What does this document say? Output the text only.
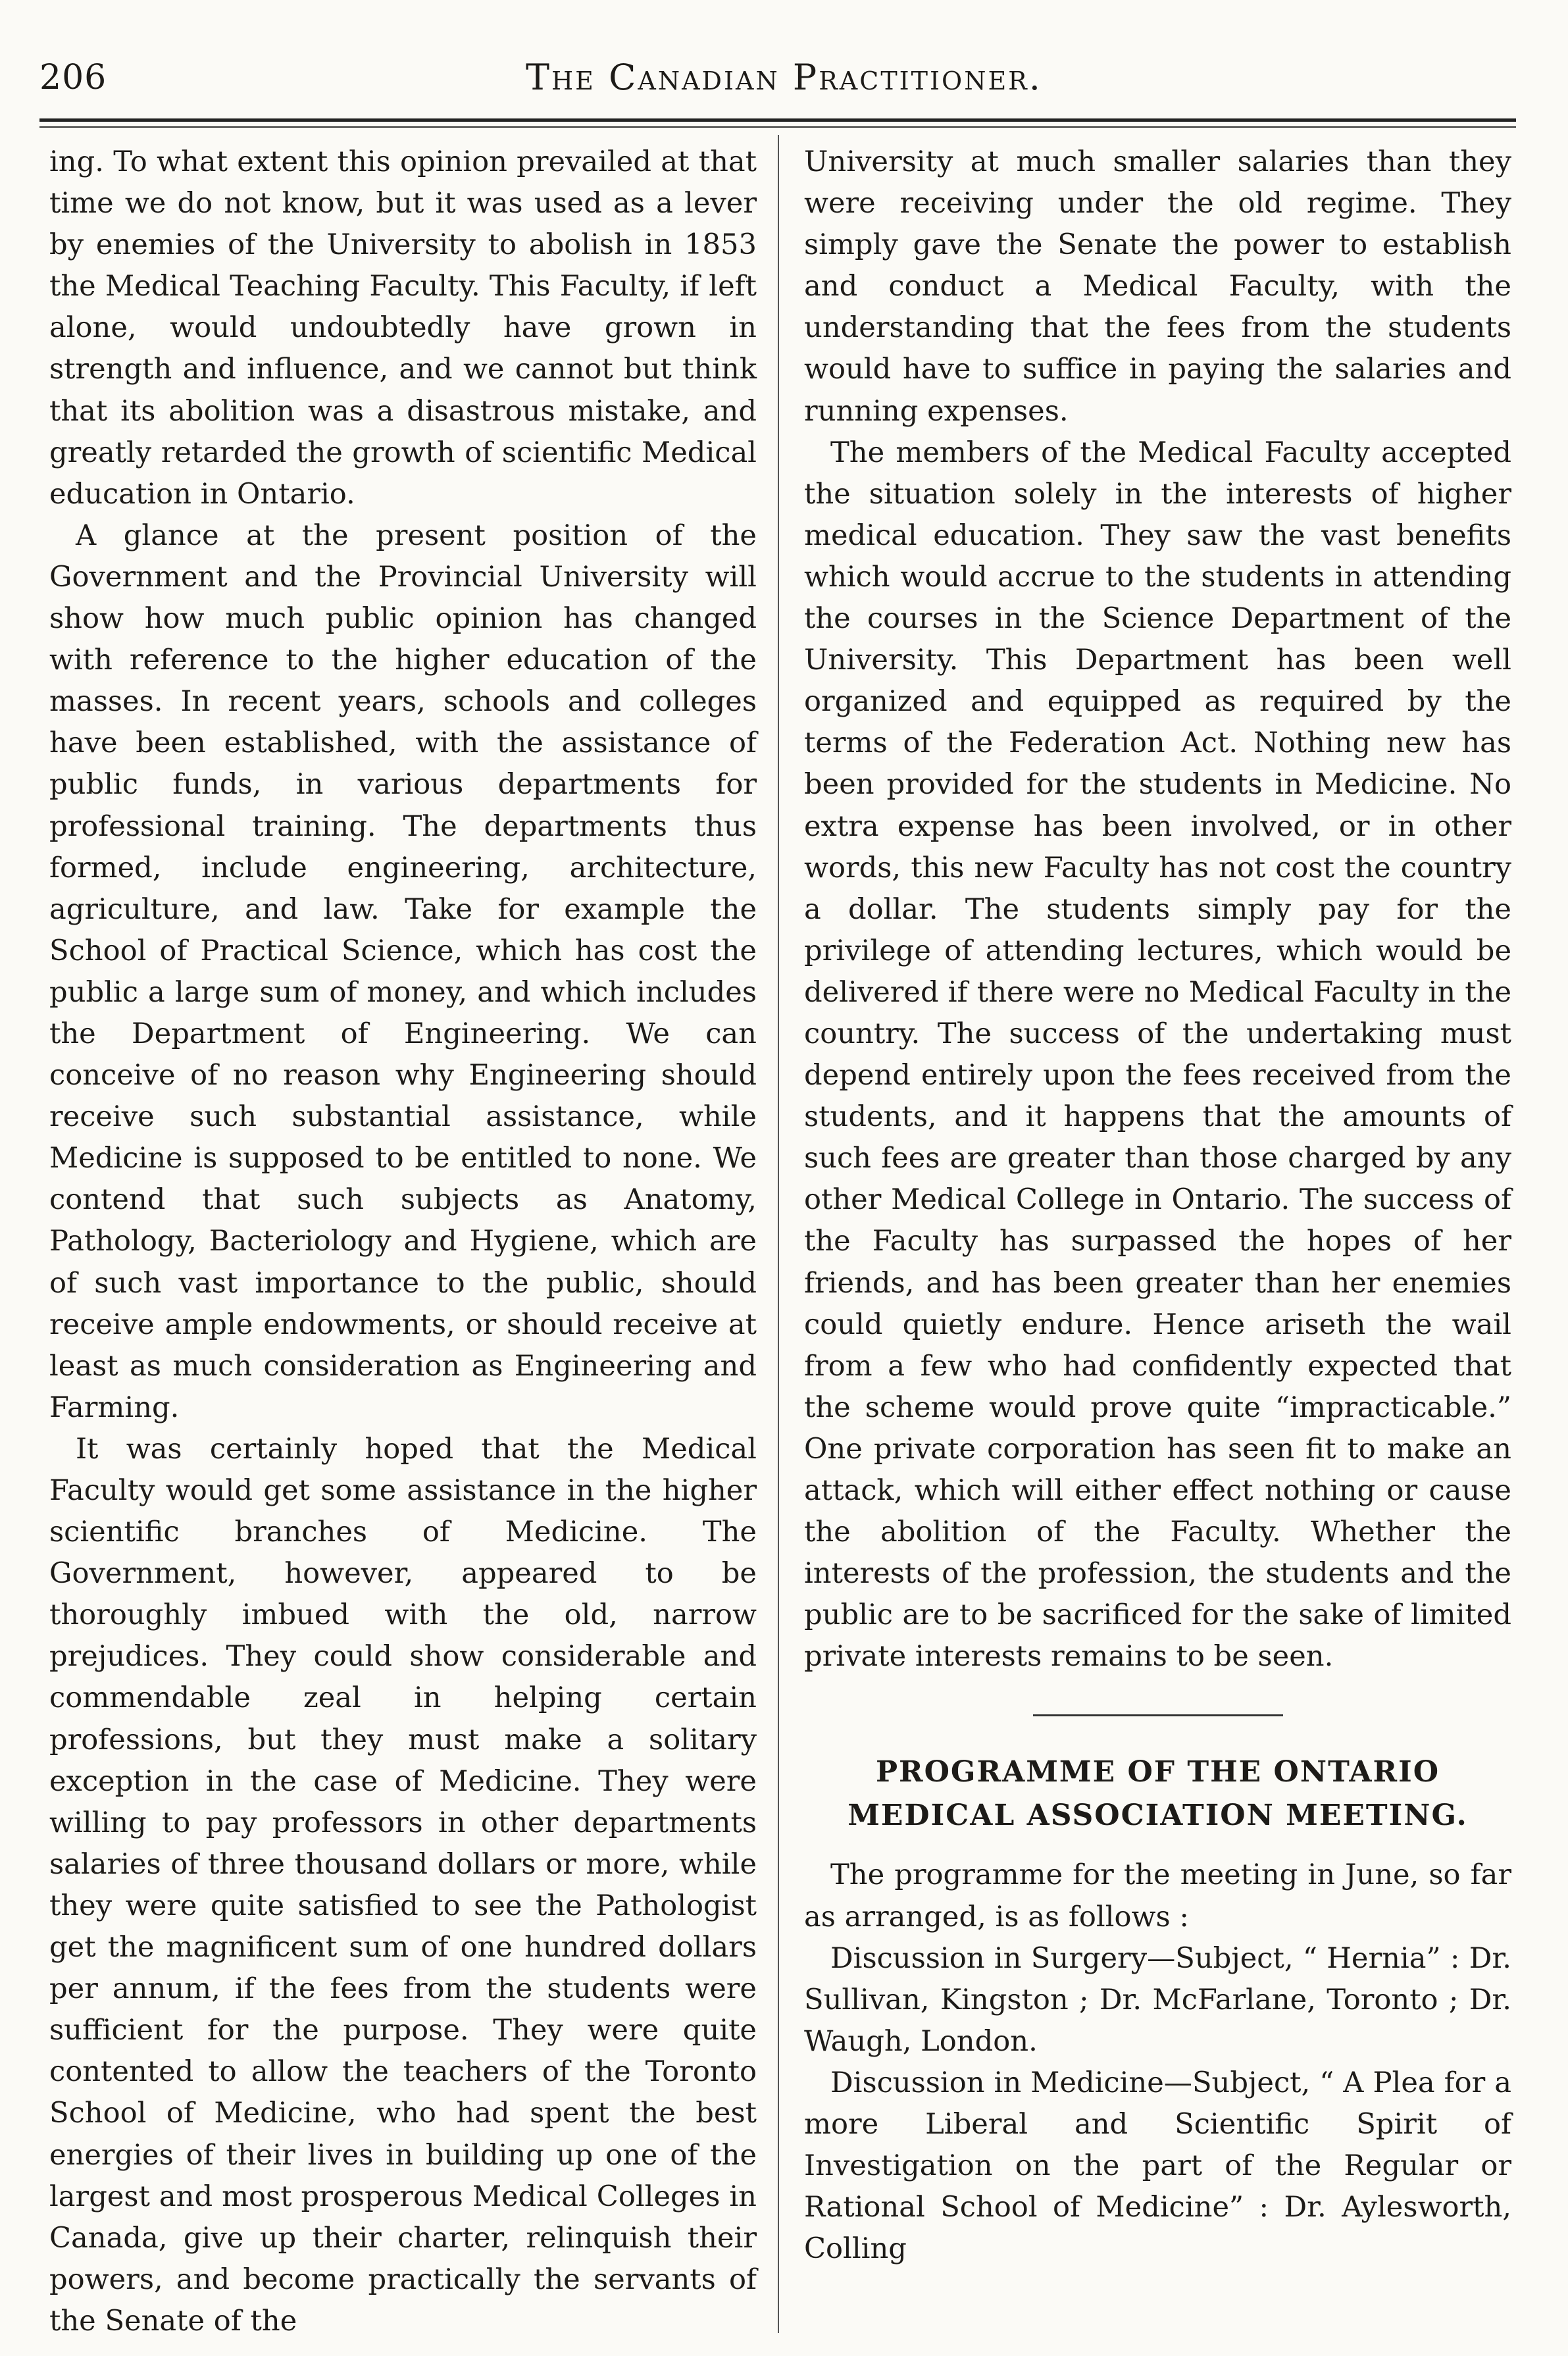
206	The Canadian Practitioner.

ing. To what extent this opinion prevailed at that time we do not know, but it was used as a lever by enemies of the University to abolish in 1853 the Medical Teaching Faculty. This Faculty, if left alone, would undoubtedly have grown in strength and influence, and we cannot but think that its abolition was a disastrous mistake, and greatly retarded the growth of scientific Medical education in Ontario.

A glance at the present position of the Government and the Provincial University will show how much public opinion has changed with reference to the higher education of the masses. In recent years, schools and colleges have been established, with the assistance of public funds, in various departments for professional training. The departments thus formed, include engineering, architecture, agriculture, and law. Take for example the School of Practical Science, which has cost the public a large sum of money, and which includes the Department of Engineering. We can conceive of no reason why Engineering should receive such substantial assistance, while Medicine is supposed to be entitled to none. We contend that such subjects as Anatomy, Pathology, Bacteriology and Hygiene, which are of such vast importance to the public, should receive ample endowments, or should receive at least as much consideration as Engineering and Farming.

It was certainly hoped that the Medical Faculty would get some assistance in the higher scientific branches of Medicine. The Government, however, appeared to be thoroughly imbued with the old, narrow prejudices. They could show considerable and commendable zeal in helping certain professions, but they must make a solitary exception in the case of Medicine. They were willing to pay professors in other departments salaries of three thousand dollars or more, while they were quite satisfied to see the Pathologist get the magnificent sum of one hundred dollars per annum, if the fees from the students were sufficient for the purpose. They were quite contented to allow the teachers of the Toronto School of Medicine, who had spent the best energies of their lives in building up one of the largest and most prosperous Medical Colleges in Canada, give up their charter, relinquish their powers, and become practically the servants of the Senate of the

University at much smaller salaries than they were receiving under the old regime. They simply gave the Senate the power to establish and conduct a Medical Faculty, with the understanding that the fees from the students would have to suffice in paying the salaries and running expenses.

The members of the Medical Faculty accepted the situation solely in the interests of higher medical education. They saw the vast benefits which would accrue to the students in attending the courses in the Science Department of the University. This Department has been well organized and equipped as required by the terms of the Federation Act. Nothing new has been provided for the students in Medicine. No extra expense has been involved, or in other words, this new Faculty has not cost the country a dollar. The students simply pay for the privilege of attending lectures, which would be delivered if there were no Medical Faculty in the country. The success of the undertaking must depend entirely upon the fees received from the students, and it happens that the amounts of such fees are greater than those charged by any other Medical College in Ontario. The success of the Faculty has surpassed the hopes of her friends, and has been greater than her enemies could quietly endure. Hence ariseth the wail from a few who had confidently expected that the scheme would prove quite “impracticable.” One private corporation has seen fit to make an attack, which will either effect nothing or cause the abolition of the Faculty. Whether the interests of the profession, the students and the public are to be sacrificed for the sake of limited private interests remains to be seen.

PROGRAMME OF THE ONTARIO MEDICAL ASSOCIATION MEETING.

The programme for the meeting in June, so far as arranged, is as follows :

Discussion in Surgery—Subject, “ Hernia” : Dr. Sullivan, Kingston ; Dr. McFarlane, Toronto ; Dr. Waugh, London.

Discussion in Medicine—Subject, “ A Plea for a more Liberal and Scientific Spirit of Investigation on the part of the Regular or Rational School of Medicine” : Dr. Aylesworth, Colling
